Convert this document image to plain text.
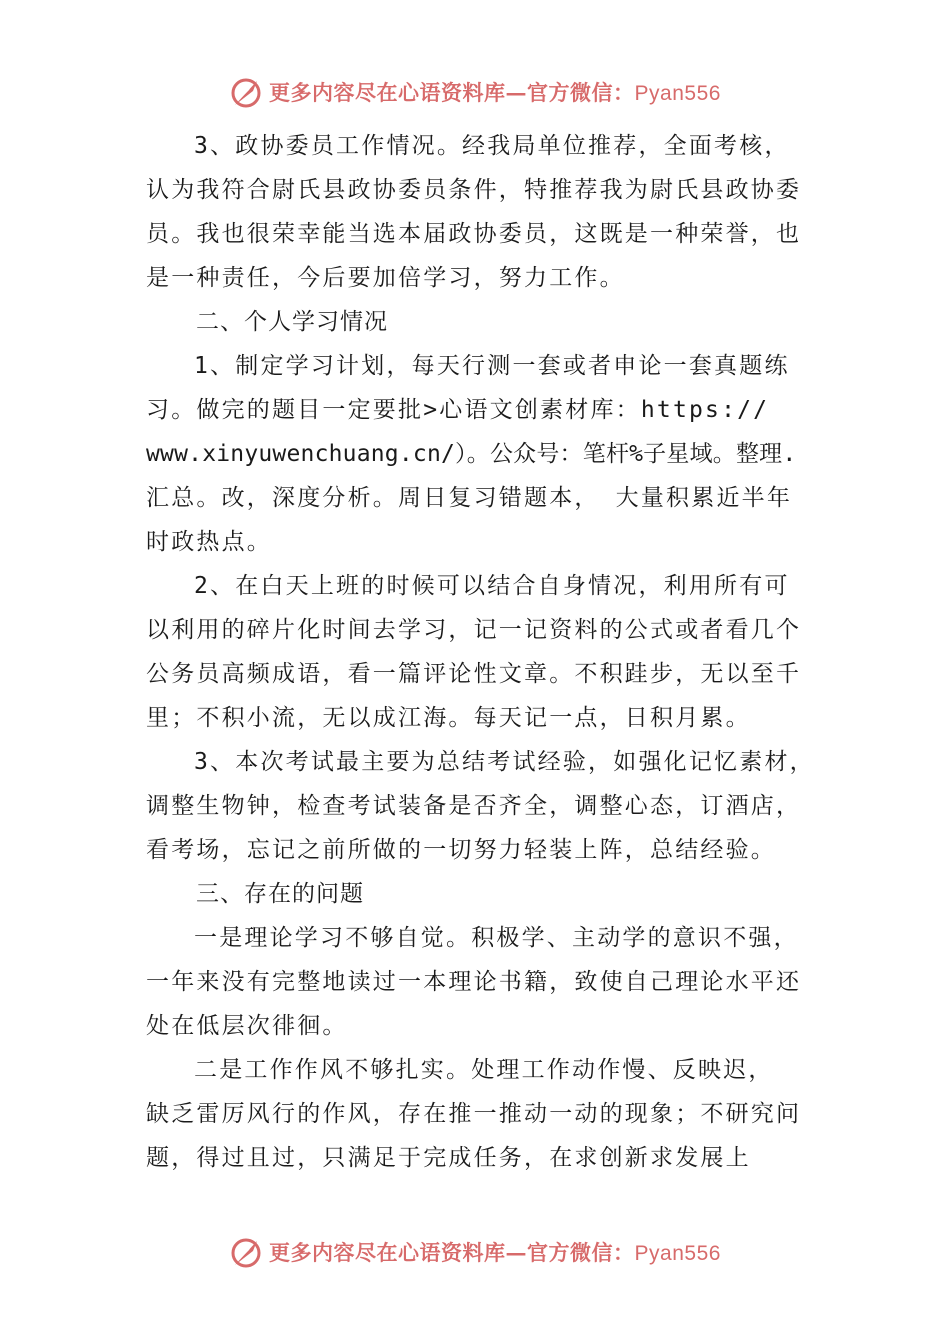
更多内容尽在心语资料库—官方微信：Pyan556
3、政协委员工作情况。经我局单位推荐，全面考核，
认为我符合尉氏县政协委员条件，特推荐我为尉氏县政协委
员。我也很荣幸能当选本届政协委员，这既是一种荣誉，也
是一种责任，今后要加倍学习，努力工作。
二、个人学习情况
1、制定学习计划，每天行测一套或者申论一套真题练
习。做完的题目一定要批>心语文创素材库：https://
www.xinyuwenchuang.cn/）。公众号：笔杆%子星域。整理.
汇总。改，深度分析。周日复习错题本， 大量积累近半年
时政热点。
2、在白天上班的时候可以结合自身情况，利用所有可
以利用的碎片化时间去学习，记一记资料的公式或者看几个
公务员高频成语，看一篇评论性文章。不积跬步，无以至千
里；不积小流，无以成江海。每天记一点，日积月累。
3、本次考试最主要为总结考试经验，如强化记忆素材，
调整生物钟，检查考试装备是否齐全，调整心态，订酒店，
看考场，忘记之前所做的一切努力轻装上阵，总结经验。
三、存在的问题
一是理论学习不够自觉。积极学、主动学的意识不强，
一年来没有完整地读过一本理论书籍，致使自己理论水平还
处在低层次徘徊。
二是工作作风不够扎实。处理工作动作慢、反映迟，
缺乏雷厉风行的作风，存在推一推动一动的现象；不研究问
题，得过且过，只满足于完成任务，在求创新求发展上
更多内容尽在心语资料库—官方微信：Pyan556
